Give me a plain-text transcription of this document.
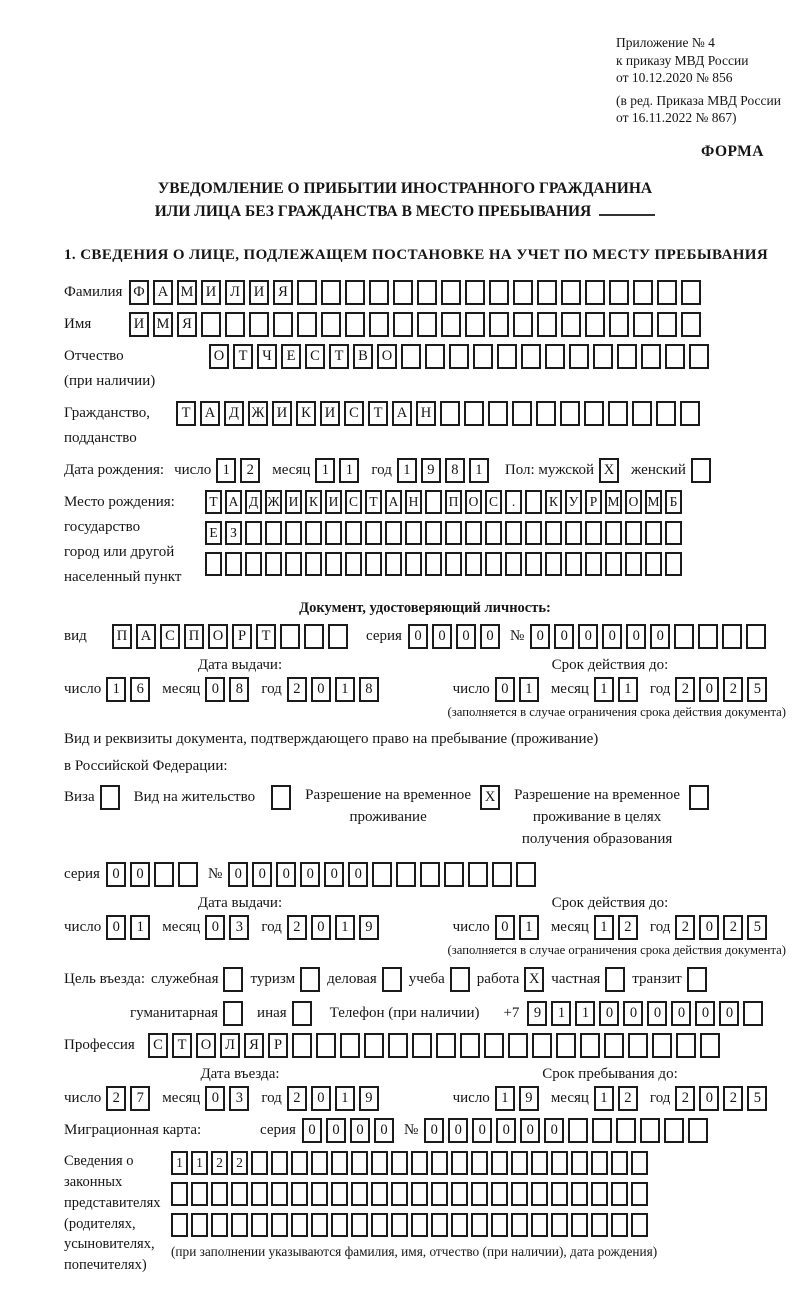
Приложение № 4
к приказу МВД России
от 10.12.2020 № 856
(в ред. Приказа МВД России
от 16.11.2022 № 867)
ФОРМА
УВЕДОМЛЕНИЕ О ПРИБЫТИИ ИНОСТРАННОГО ГРАЖДАНИНА
ИЛИ ЛИЦА БЕЗ ГРАЖДАНСТВА В МЕСТО ПРЕБЫВАНИЯ
1. СВЕДЕНИЯ О ЛИЦЕ, ПОДЛЕЖАЩЕМ ПОСТАНОВКЕ НА УЧЕТ ПО МЕСТУ ПРЕБЫВАНИЯ
Фамилия Ф А М И Л И Я
Имя	И М Я
Отчество
(при наличии)
О Т	Ч	Е	С	Т	В О
Гражданство,
подданство
Т А Д Ж И К И С	Т А Н
Дата рождения: число 1	2	месяц 1	1	год 1	9	8	1	Пол: мужской X	женский
Место рождения:
государство
город или другой
населенный пункт
Т А Д Ж И К И С Т А Н П О С	.	К У Р М О М Б
Е З
Документ, удостоверяющий личность:
вид	П А С П О	Р	Т	серия 0	0	0	0	№ 0	0	0	0	0	0
Дата выдачи:
число 1	6	месяц 0	8	год 2	0	1	8
Срок действия до:
число 0	1	месяц 1	1	год 2	0	2	5
(заполняется в случае ограничения срока действия документа)
Вид и реквизиты документа, подтверждающего право на пребывание (проживание)
в Российской Федерации:
Виза	Вид на жительство	Разрешение на временное
проживание
X	Разрешение на временное
проживание в целях
получения образования
серия 0	0	№ 0	0	0	0	0	0
Дата выдачи:
число 0	1	месяц 0	3	год 2	0	1	9
Срок действия до:
число 0	1	месяц 1	2	год 2	0	2	5
(заполняется в случае ограничения срока действия документа)
Цель въезда: служебная туризм деловая учеба работа X частная транзит
гуманитарная	иная	Телефон (при наличии) +7 9	1	1	0	0	0	0	0	0
Профессия	С	Т О Л Я	Р
Дата въезда:
число 2	7	месяц 0	3	год 2	0	1	9
Срок пребывания до:
число 1	9	месяц 1	2	год 2	0	2	5
Миграционная карта:	серия 0	0	0	0	№ 0	0	0	0	0	0
Сведения о
законных
представителях
(родителях,
усыновителях,
попечителях)
1 1 2 2
(при заполнении указываются фамилия, имя, отчество (при наличии), дата рождения)
